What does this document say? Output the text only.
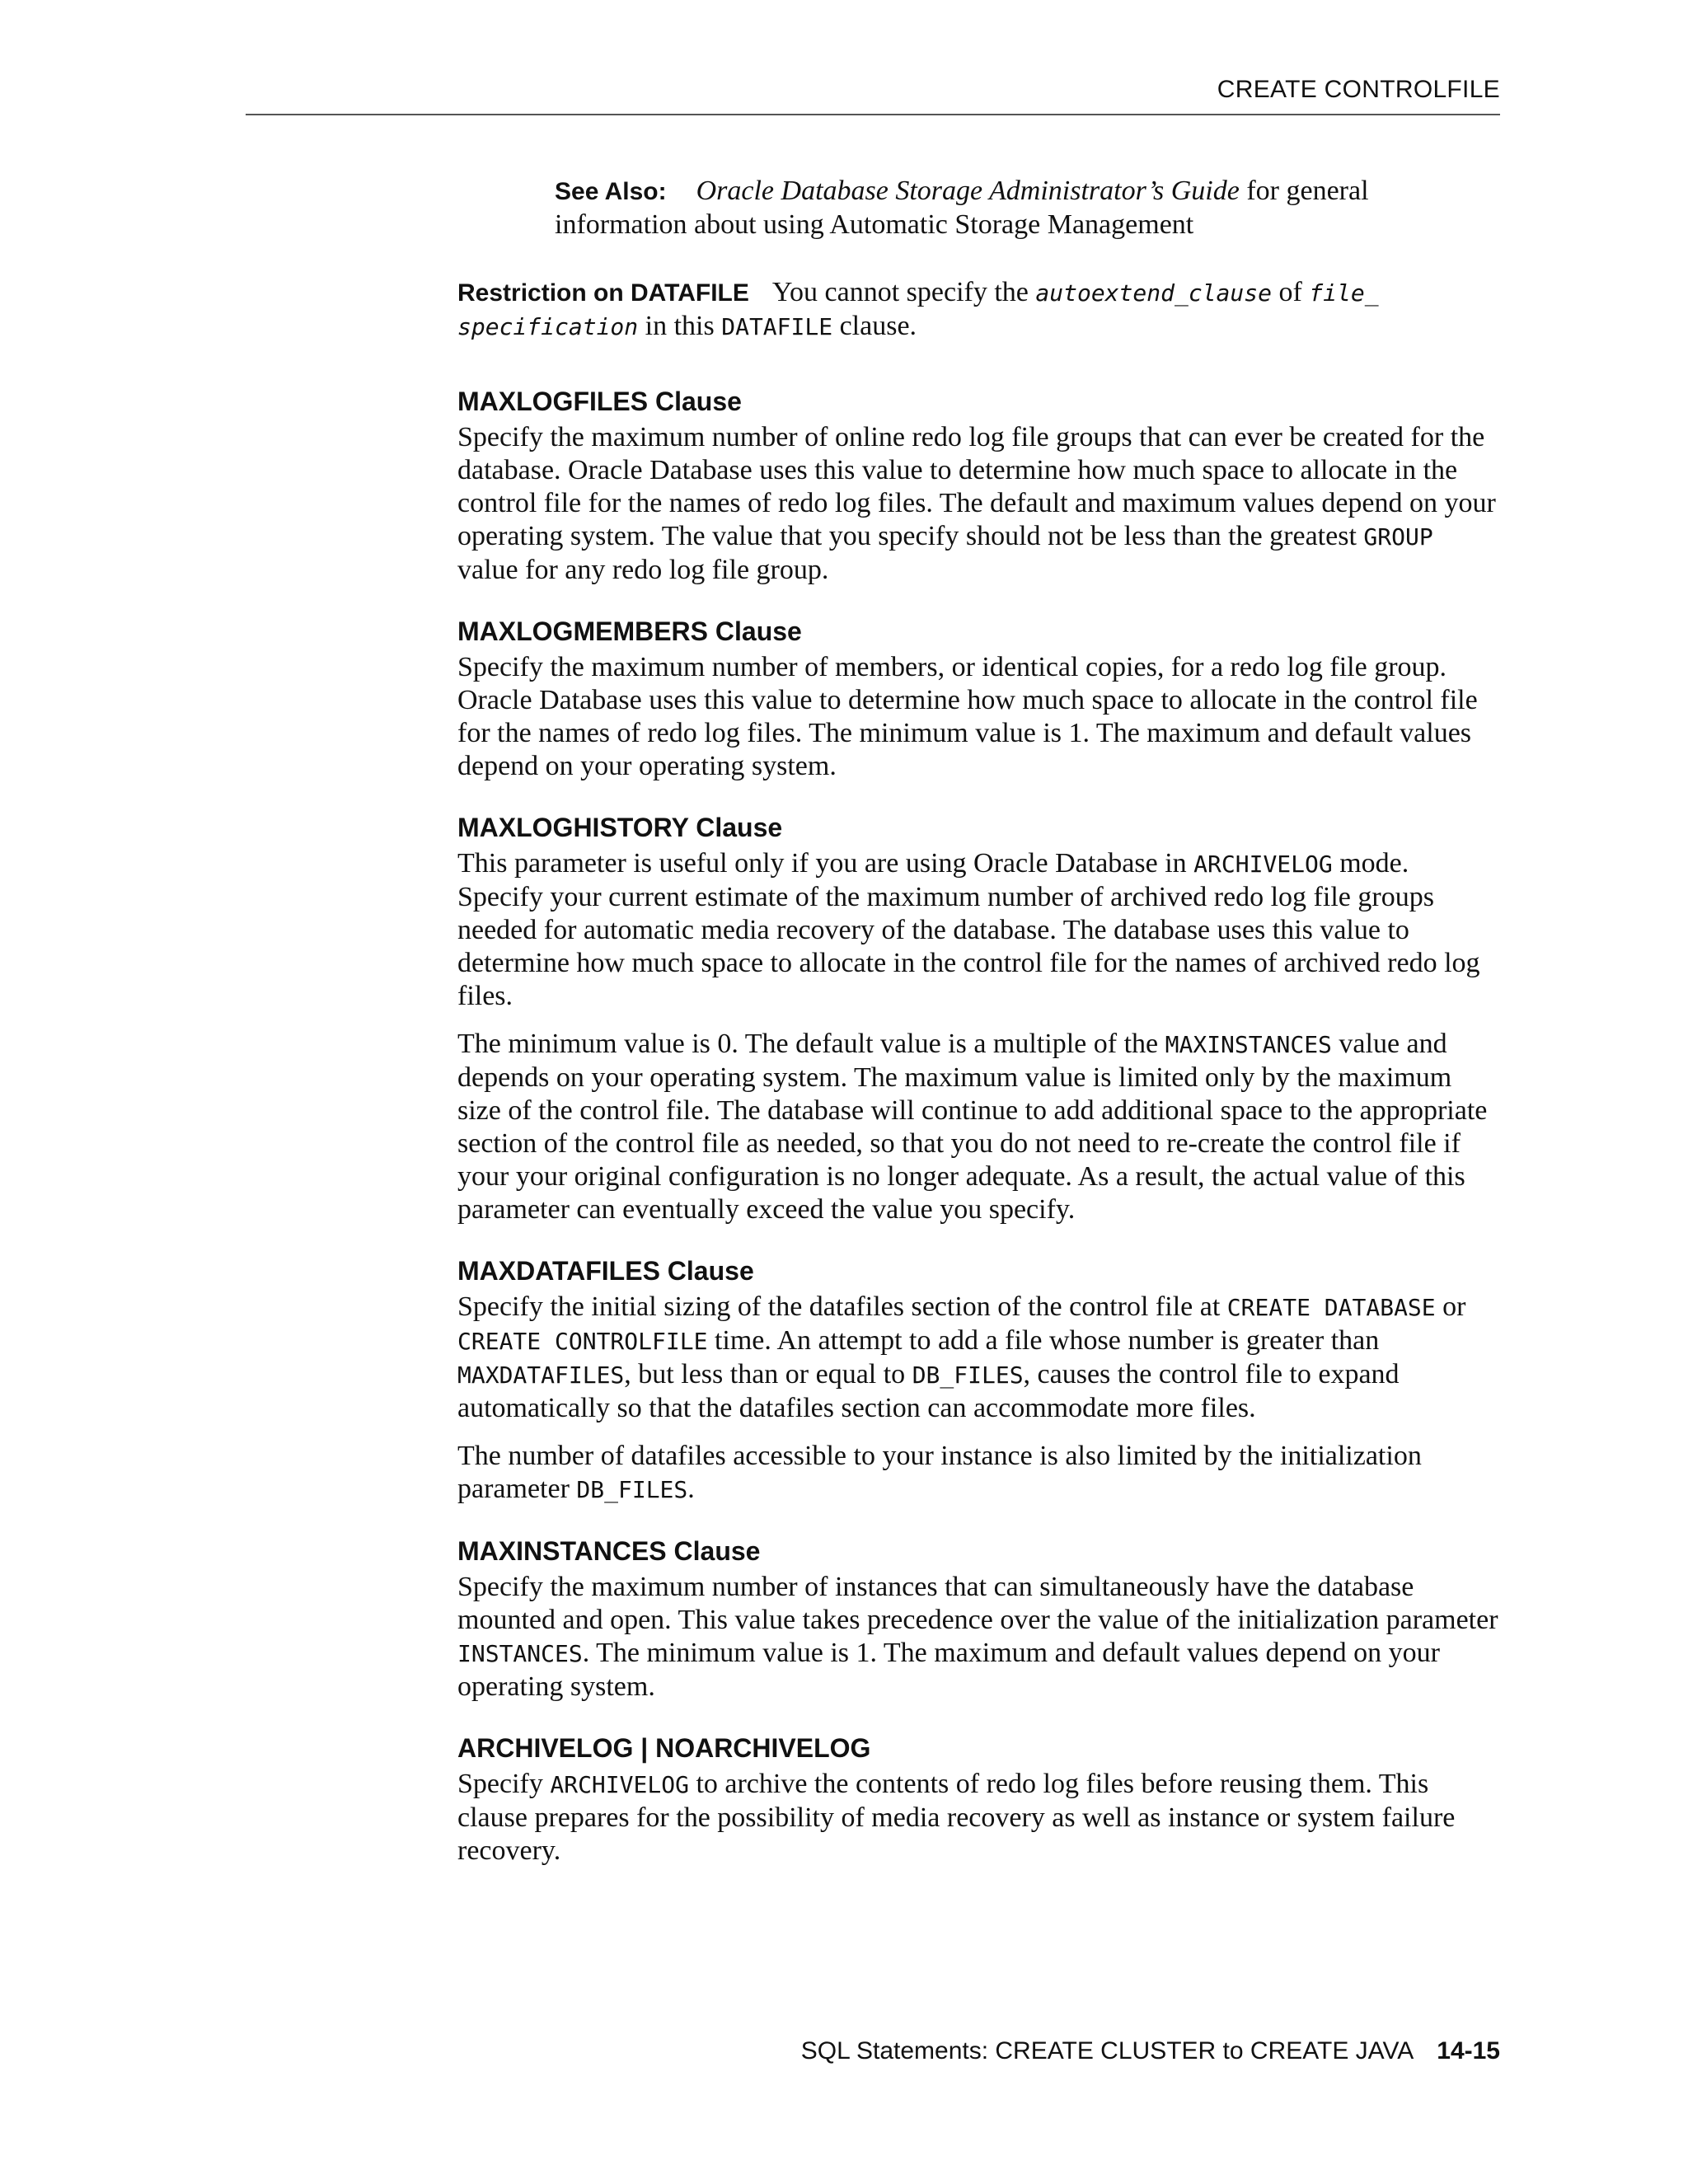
CREATE CONTROLFILE
See Also: Oracle Database Storage Administrator’s Guide for general information about using Automatic Storage Management

Restriction on DATAFILE You cannot specify the autoextend_clause of file_ specification in this DATAFILE clause.

MAXLOGFILES Clause

Specify the maximum number of online redo log file groups that can ever be created for the database. Oracle Database uses this value to determine how much space to allocate in the control file for the names of redo log files. The default and maximum values depend on your operating system. The value that you specify should not be less than the greatest GROUP value for any redo log file group.

MAXLOGMEMBERS Clause

Specify the maximum number of members, or identical copies, for a redo log file group. Oracle Database uses this value to determine how much space to allocate in the control file for the names of redo log files. The minimum value is 1. The maximum and default values depend on your operating system.

MAXLOGHISTORY Clause

This parameter is useful only if you are using Oracle Database in ARCHIVELOG mode. Specify your current estimate of the maximum number of archived redo log file groups needed for automatic media recovery of the database. The database uses this value to determine how much space to allocate in the control file for the names of archived redo log files.

The minimum value is 0. The default value is a multiple of the MAXINSTANCES value and depends on your operating system. The maximum value is limited only by the maximum size of the control file. The database will continue to add additional space to the appropriate section of the control file as needed, so that you do not need to re-create the control file if your your original configuration is no longer adequate. As a result, the actual value of this parameter can eventually exceed the value you specify.

MAXDATAFILES Clause

Specify the initial sizing of the datafiles section of the control file at CREATE DATABASE or CREATE CONTROLFILE time. An attempt to add a file whose number is greater than MAXDATAFILES, but less than or equal to DB_FILES, causes the control file to expand automatically so that the datafiles section can accommodate more files.

The number of datafiles accessible to your instance is also limited by the initialization parameter DB_FILES.

MAXINSTANCES Clause

Specify the maximum number of instances that can simultaneously have the database mounted and open. This value takes precedence over the value of the initialization parameter INSTANCES. The minimum value is 1. The maximum and default values depend on your operating system.

ARCHIVELOG | NOARCHIVELOG

Specify ARCHIVELOG to archive the contents of redo log files before reusing them. This clause prepares for the possibility of media recovery as well as instance or system failure recovery.

SQL Statements: CREATE CLUSTER to CREATE JAVA 14-15
